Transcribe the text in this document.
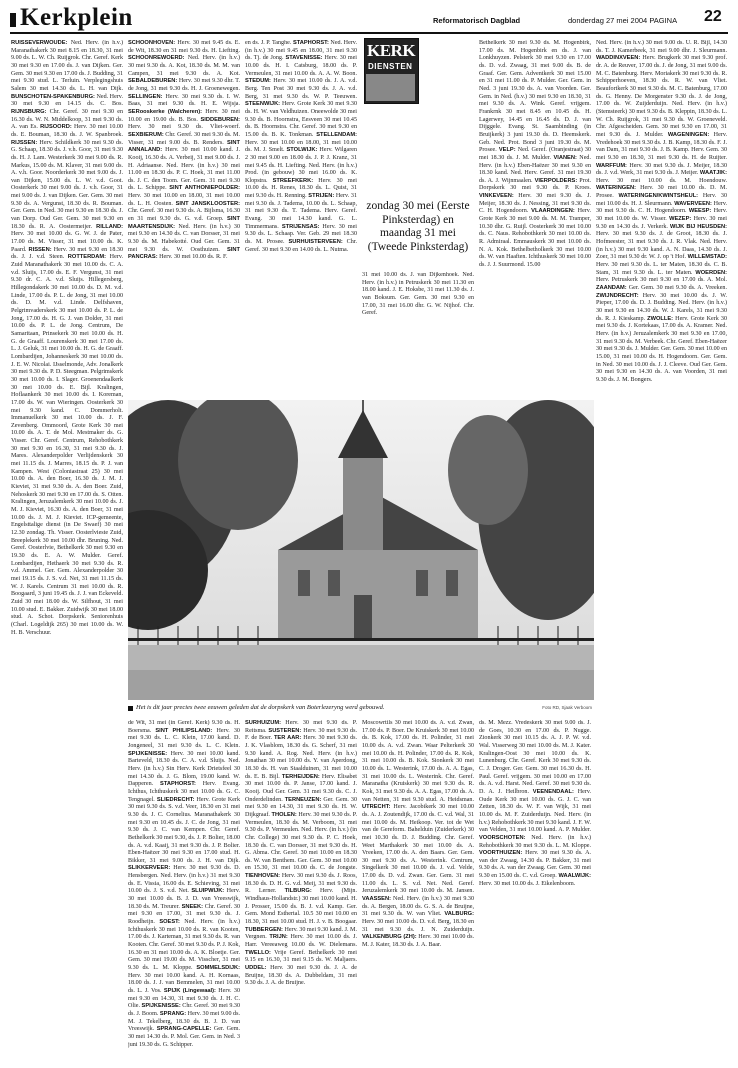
Kerkplein	Reformatorisch Dagblad	donderdag 27 mei 2004 PAGINA 22
RUISSEVERWOUDE: Ned. Herv. (in h.v.) Maranathakerk 30 mei 8.15 en 18.30, 31 mei 9.00 ds. L. W. Ch. Ruijgrok. Chr. Geref. Kerk 30 mei 9.30 en 17.00 ds. J. van Dijken. Ger. Gem. 30 mei 9.30 en 17.00 ds. J. Budding, 31 mei 9.30 stud. L. Terluin. Verplegingshuis Salem 30 mei 14.30 ds. L. H. van Dijk. BUNSCHOTEN-SPAKENBURG: Ned. Herv. 30 mei 9.30 en 14.15 ds. C. Bos. RIJNSBURG: Chr. Geref. 30 mei 9.30 en 16.30 ds. W. N. Middelkoop, 31 mei 9.30 ds. A. van Es. RIJSOORD: Herv. 30 mei 10.00 ds. E. Bouman, 18.30 ds. J. W. Spanbroek. RIJSSEN: Herv. Schildkerk 30 mei 9.30 ds. G. Schaap, 18.30 ds. J. v.h. Goor, 31 mei 9.30 ds. H. J. Lam. Westerkerk 30 mei 9.00 ds. R. Markus, 15.00 ds. M. Klaver, 31 mei 9.00 ds. A. v.h. Goor. Noorderkerk 30 mei 9.00 ds. J. van Dijken, 15.00 ds. L. W. v.d. Goot. Oosterkerk 30 mei 9.00 ds. J. v.h. Goor, 31 mei 9.00 ds. J. van Dijken. Ger. Gem. 30 mei 9.30 ds. A. Vergunst, 18.30 ds. R. Bouman. Ger. Gem. in Ned. 30 mei 9.30 en 18.30 ds. J. van Dorp. Oud Ger. Gem. 30 mei 9.30 en 18.30 ds. R. A. Oostermeijer. RILLAND: Herv. 30 mei 10.00 ds. G. W. J. de Pater, 17.00 ds. M. Visser, 31 mei 10.00 ds. K. Paard. RISSEN: Herv. 30 mei 9.30 en 18.30 ds. J. J. v.d. Steen. ROTTERDAM: Herv. Zuid Maranathakerk 30 mei 10.00 ds. C. A. v.d. Sluijs, 17.00 ds. E. F. Vergunst, 31 mei 9.30 dr. C. A. v.d. Sluijs. Hillegersberg, Hillegondakerk 30 mei 10.00 ds. D. M. v.d. Linde, 17.00 ds. P. L. de Jong, 31 mei 10.00 ds. D. M. v.d. Linde. Delfshaven, Pelgrimvaderskerk 30 mei 10.00 ds. P. L. de Jong, 17.00 ds. H. G. J. van Dolder, 31 mei 10.00 ds. P. L. de Jong. Centrum, De Samaritaan, Prinsekerk 30 mei 10.00 ds. H. G. de Graaff. Lourenskerk 30 mei 17.00 ds. L. J. Geluk, 31 mei 10.00 ds. H. G. de Graaff. Lombardijen, Johanneskerk 30 mei 10.00 ds. J. E. W. Nicolai. IJsselmonde, Adv. Jonalkerk 30 mei 9.30 ds. P. D. Steegman. Pelgrimskerk 30 mei 10.00 ds. I. Slager. Groenendaalkerk 30 mei 10.00 ds. E. Bijl. Kralingen, Hoflaankerk 30 mei 10.00 ds. I. Koreman, 17.00 ds. W. van Wieringen. Oosterkerk 30 mei 9.30 kand. C. Dommerholt. Immanuelkerk 30 mei 10.00 ds. J. F. Zevenberg. Ommoord, Grote Kerk 30 mei 10.00 ds. A. T. de Mol. Mestmaker ds. G. Visser. Chr. Geref. Centrum, Rehobothkerk 30 mei 9.30 en 16.30, 31 mei 9.30 ds. J. Mares. Alexanderpolder Verlijdenskerk 30 mei 11.15 ds. J. Marres, 18.15 ds. P. J. van Kampen. West (Coloniastraat 25) 30 mei 10.00 ds. A. den Boer, 16.30 ds. J. M. J. Kieviet, 31 mei 9.30 ds. A. den Boer. Zuid, Nehoskerk 30 mei 9.30 en 17.00 ds. S. Otten. Kralingen, Jeruzalemkerk 30 mei 10.00 ds. J. M. J. Kieviet, 16.30 ds. A. den Boer, 31 mei 10.00 ds. J. M. J. Kieviet. ICP-gemeente, Engelsttalige dienst (in De Swaef) 30 mei 12.30 zondag. Th. Visser. Oosterlvieste Zuid, Breeplekerk 30 mei 10.00 dhr. Bruning. Ned. Geref. Oosterlvie, Bethelkerk 30 mei 9.30 en 19.30 ds. E. A. W. Mulder. Geref. Lombardijen, Hethaerk 30 mei 9.30 ds. R. v.d. Ammel. Ger. Gem. Alexanderpolder 30 mei 19.15 ds. J. S. v.d. Net, 31 mei 11.15 ds. W. J. Karels. Centrum 31 mei 10.00 ds. R. Boogaard, 3 juni 19.45 ds. J. J. van Eckeveld. Zuid 30 mei 18.00 ds. W. Silfhout, 31 mei 10.00 stud. E. Bakker. Zuidwijk 30 mei 18.00 stud. A. Schot. Dorpskerk. Seniorenhuis (Charl. Logeldijk 265) 30 mei 10.00 ds. W. H. B. Verschuur.
SCHOONHOVEN: Herv. 30 mei 9.45 ds. E. de Wit, 18.30 en 31 mei 9.30 ds. H. Liefting. SCHOONREWOERD: Ned. Herv. (in h.v.) 30 mei 9.30 ds. A. Kot, 18.30 ds. M. M. van Campen, 31 mei 9.30 ds. A. Kot. SEBALDEBUREN: Herv. 30 mei 9.30 dhr. T. de Jong, 31 mei 9.30 ds. H. J. Groenewegen. SELLINGEN: Herv. 30 mei 9.30 ds. I. W. Baas, 31 mei 9.30 ds. H. E. Wijsja. SERooskerke (Walcheren): Herv. 30 mei 10.00 en 19.00 ds. B. Bos. SIDDEBUREN: Herv. 30 mei 9.30 ds. Vliet-woerf. SEXBIERUM: Chr. Geref. 30 mei 9.30 ds. M. Visser, 31 mei 9.00 ds. B. Renders. SINT ANNALAND: Herv. 30 mei 10.00 kand. J. Kooij, 16.30 ds. A. Verbeij, 31 mei 9.00 ds. J. H. Adriaanse. Ned. Herv. (in h.v.) 30 mei 11.00 en 18.30 ds. P. C. Hoek, 31 mei 11.00 ds. J. C. den Toom. Ger. Gem. 31 mei 9.30 ds. L. Schippe. SINT ANTHONIEPOLDER: Herv. 30 mei 10.00 en 18.00, 31 mei 10.00 ds. L. H. Oosten. SINT JANSKLOOSTER: Chr. Geref. 30 mei 9.30 ds. A. Bijlsma, 16.30 en 31 mei 9.30 ds. G. v.d. Groep. SINT MAARTENSDIJK: Ned. Herv. (in h.v.) 30 mei 9.30 en 14.30 ds. C. van Dorsser, 31 mei 9.30 ds. M. Habekotté. Oud Ger. Gem. 31 mei 9.30 ds. W. Oosthuizen. SINT PANCRAS: Herv. 30 mei 10.00 ds. R. F.
en ds. J. P. Tanghe. STAPHORST: Ned. Herv. (in h.v.) 30 mei 9.45 en 18.00, 31 mei 9.30 ds. Tj. de Jong. STAVENISSE: Herv. 30 mei 10.00 ds. H. I. Catsburg, 18.00 ds. P. Vermeulen, 31 mei 10.00 ds. A. A. W. Boon. STEDUM: Herv. 30 mei 10.00 ds. J. A. v.d. Berg. Ten Post 30 mei 9.30 ds. J. A. v.d. Berg, 31 mei 9.30 ds. W. P. Teeuwen. STEENWIJK: Herv. Grote Kerk 30 mei 9.30 ds. H. W. van Veldhuizen. Oneewolde 30 mei 9.30 ds. B. Hoornstra, Eesveen 30 mei 10.45 ds. B. Hoornstra. Chr. Geref. 30 mei 9.30 en 15.00 ds. B. K. Tonkman. STELLENDAM: Herv. 30 mei 10.00 en 18.00, 31 mei 10.00 ds. M. J. Smelt. STOLWIJK: Herv. Wilgaren 2 30 mei 9.00 en 18.00 ds. J. P. J. Kranz, 31 mei 9.45 ds. H. Liefting. Ned. Herv. (in h.v.) Prod. (in gebouw) 30 mei 16.00 ds. K. Klopstra. STREEFKERK: Herv. 30 mei 10.00 ds. H. Renes, 18.30 ds. L. Quist, 31 mei 9.30 ds. H. Renning. STRIJEN: Herv. 31 mei 9.30 ds. J. Tadema, 10.00 ds. L. Schaap, 31 mei 9.30 ds. T. Tadema. Herv. Geref. Evang. 30 mei 14.30 kand. G. L. Timmermans. STRIJENSAS: Herv. 30 mei 9.30 ds. L. Schaap. Ver. Geb. 29 mei 18.30 ds. M. Prosee. SURHUISTERVEEN: Chr. Geref. 30 mei 9.30 en 14.00 ds. L. Nutma.
KERK
DIENSTEN
zondag 30 mei (Eerste Pinksterdag) en maandag 31 mei (Tweede Pinksterdag)
31 mei 10.00 ds. J. van Dijkenhoek. Ned. Herv. (in h.v.) in Petruskerk 30 mei 11.30 en 18.00 kand. J. E. Hoksbe, 31 mei 11.30 ds. J. van Boksum. Ger. Gem. 30 mei 9.30 en 17.00, 31 mei 16.00 dhr. G. W. Nijhof. Chr. Geref.
Bethelkerk 30 mei 9.30 ds. M. Hogenbirk, 17.00 ds. M. Hogenbirk en ds. J. van Lonkhuyzen. Pelsterk 30 mei 9.30 en 17.00 ds. D. v.d. Zwaag, 31 mei 9.00 ds. B. de Graaf. Ger. Gem. Adventkerk 30 mei 15.00 en 31 mei 11.00 ds. P. Mulder. Ger. Gem. in Ned. 3 juni 19.30 ds. A. van Voorden. Ger. Gem. in Ned. (h.v.) 30 mei 9.30 en 18.30, 31 mei 9.30 ds. A. Wink. Geref. vrijgem. Frankrnk 30 mei 8.45 en 10.45 ds. H. Lagerwey, 14.45 en 16.45 ds. D. J. van Dijggele. Evang. St. Saambinding (in Bruijkerk) 3 juni 19.30 ds. D. Heemskerk. Geb. Ned. Prot. Bond 3 juni 19.30 ds. M. Prosee. VELP: Ned. Geref. (Oranjestraat) 30 mei 18.30 ds. J. M. Mulder. VIANEN: Ned. Herv. (in h.v.) Eben-Haëzer 30 mei 9.30 en 18.30 kand. Ned. Herv. Geref. 31 mei 19.30 ds. A. J. Wijnmaalen. VIERPOLDERS: Prot. Dorpskerk 30 mei 9.30 ds. P. Kroes. VINKEVEEN: Herv. 30 mei 9.30 ds. J. Meijer, 18.30 ds. J. Nessing, 31 mei 9.30 ds. C. H. Hogendoorn. VLAARDINGEN: Herv. Grote Kerk 30 mei 9.00 ds. M. M. Tramper, 10.30 dhr. G. Ruijl. Oosterkerk 30 mei 10.00 ds. C. Naus. Rehobothkerk 30 mei 10.00 ds. R. Admiraal. Emmauskerk 30 mei 10.00 ds. N. A. Kok. Bethelbetholkerk 30 mei 10.00 ds. W. van Haaften. Ichthuskerk 30 mei 10.00 ds. J. J. Suurmond. 15.00
Het is dit jaar precies twee eeuwen geleden dat de dorpskerk van Boterlezeryng werd gebouwd.	Foto RD, Sjaak Verboom
de Wit, 31 mei (in Geref. Kerk) 9.30 ds. H. Boersma. SINT PHILIPSLAND: Herv. 30 mei 9.30 ds. L. C. Klein, 17.00 kand. D. Jongeneel, 31 mei 9.30 ds. L. C. Klein. SPIJKENISSE: Herv. 30 mei 10.00 kand. Barteveld, 18.30 ds. C. A. v.d. Sluijs. Ned. Herv. (in h.v.) Sin Herv. Kerk Drietsfeel 30 mei 14.30 ds. J. G. Blom, 19.00 kand. W. Dapperen. STAPHORST: Herv. Evang. Ichthus, Ichthuskerk 30 mei 10.00 ds. G. C. Tengnagel. SLIEDRECHT: Herv. Grote Kerk 30 mei 9.30 ds. S. v.d. Veer, 18.30 en 31 mei 9.30 ds. J. C. Cornelius. Maranathakerk 30 mei 9.30 en 10.45 ds. J. C. de Jong, 31 mei 9.30 ds. J. C. van Kempen. Chr. Geref. Bethelkerk 30 mei 9.30, ds. J. P. Bolier, 18.00 ds. A. v.d. Kaaij, 31 mei 9.30 ds. J. P. Bolier. Eben-Haëzer 30 mei 9.30 en 17.00 stud. H. Bikker, 31 mei 9.00 ds. J. H. van Dijk. SLIKKERVEER: Herv. 30 mei 9.30 ds. D. Hensbergen. Ned. Herv. (in h.v.) 31 mei 9.30 ds. E. Vissia, 16.00 ds. E. Schieving, 31 mei 10.00 ds. J. S. v.d. Net. SLUIPWIJK: Herv. 30 mei 10.00 ds. B. J. D. van Vreeswijk, 18.30 ds. M. Treurer. SNEEK: Chr. Geref. 30 mei 9.30 en 17.00, 31 mei 9.30 ds. J. Roodheijn. SOEST: Ned. Herv. (in h.v.) Ichthuskerk 30 mei 10.00 ds. R. van Kooten, 17.00 ds. J. Karteman, 31 mei 9.30 ds. R. van Kooten. Chr. Geref. 30 mei 9.30 ds. P. J. Kok, 16.30 en 31 mei 10.00 ds. A. K. Bloetje. Ger. Gem. 30 mei 19.00 ds. M. Visscher, 31 mei 9.30 ds. L. M. Kloppe. SOMMELSDIJK: Herv. 30 mei 10.00 kand. A. H. Kornaas, 18.00 ds. J. J. van Bemmelen, 31 mei 10.00 ds. L. J. Vos. SPIJK (Lingewaal): Herv. 30 mei 9.30 en 14.30, 31 mei 9.30 ds. J. H. C. Olie. SPIJKENISSE: Chr. Geref. 30 mei 9.30 ds. J. Boom. SPRANG: Herv. 30 mei 9.00 ds. M. J. Tekelberg, 18.30 ds. B. J. D. van Vreeswijk. SPRANG-CAPELLE: Ger. Gem. 30 mei 14.30 ds. P. Mol. Ger. Gem. in Ned. 3 juni 19.30 ds. G. Schipper.
SURHUIZUM: Herv. 30 mei 9.30 ds. P. Reitsma. SUSTEREN: Herv. 30 mei 9.30 ds. F. de Boer. TER AAR: Herv. 30 mei 9.30 ds. J. K. Vlasblom, 18.30 ds. G. Scherf, 31 mei 9.30 kand. A. Rog. Ned. Herv. (in h.v.) Jonathan 30 mei 10.00 ds. Y. van Aperdong, 18.30 ds. H. van Staalduinen, 31 mei 10.00 ds. E. B. Bijl. TERHEIJDEN: Herv. Elisabet 30 mei 10.00 ds. P. Janse, 17.00 kand. J. Kooij. Oud Ger. Gem. 31 mei 9.30 ds. C. J. Onderdelinden. TERNEUZEN: Ger. Gem. 30 mei 9.30 en 14.30, 31 mei 9.30 ds. H. W. Dijkgraaf. THOLEN: Herv. 30 mei 9.30 ds. P. Vermeulen, 18.30 ds. M. Verboom, 31 mei 9.30 ds. P. Vermeulen. Ned. Herv. (in h.v.) (in Chr. College) 30 mei 9.30 ds. P. C. Hoek, 18.30 ds. C. van Dorsser, 31 mei 9.30 ds. H. G. Abma. Chr. Geref. 30 mei 10.00 en 18.30 ds. W. van Benthem. Ger. Gem. 30 mei 10.00 en 15.30, 31 mei 10.00 ds. C. de Jongste. TIENHOVEN: Herv. 30 mei 9.30 ds. J. Roos, 18.30 ds. D. H. G. v.d. Meij, 31 mei 9.30 ds. R. Lerner. TILBURG: Herv. (Mijn. Windhaus-Hollandstr.) 30 mei 10.00 kand. H. J. Prosser, 15.00 ds. B. J. v.d. Kamp. Ger. Gem. Mond Esthertal. 10.5 30 mei 10.00 en 18.30, 31 mei 10.00 stud. H. J. v. B. Boogaar. TUBBERGEN: Herv. 30 mei 9.30 kand. J. M. Vergnen. TRIJN: Herv. 30 mei 10.00 ds. J. Harr. Vereeaweg 10.00 ds. W. Dielemans. TWELLO: Vrije Geref. Bethelkerk 30 mei 9.15 en 16.30, 31 mei 9.15 ds. W. Maljaers. UDDEL: Herv. 30 mei 9.30 ds. J. A. de Bruijne, 18.30 ds. A. Dubbeldam, 31 mei 9.30 ds. J. A. de Bruijne.
Moscowrtils 30 mei 10.00 ds. A. v.d. Zwan, 17.00 ds. P. Boer. De Kruiskerk 30 mei 10.00 ds. B. Kok, 17.00 ds. H. Polinder, 31 mei 10.00 ds. A. v.d. Zwan. Waar Pelterkerk 30 mei 10.00 ds. H. Polinder, 17.00 ds. R. Kok, 31 mei 10.00 ds. B. Kok. Sionkerk 30 mei 10.00 ds. L. Westerink, 17.00 ds. A. A. Egas, 31 mei 10.00 ds. L. Westerink. Chr. Geref. Maranatha (Kruiskerk) 30 mei 9.30 ds. R. Kok, 31 mei 9.30 ds. A. A. Egas, 17.00 ds. A. van Netten, 31 mei 9.30 stud. A. Heidsman. UTRECHT: Herv. Jacobikerk 30 mei 10.00 ds. A. J. Zoutendijk, 17.00 ds. C. v.d. Wal, 31 mei 10.00 ds. M. Heikoop. Ver. tot de Wet van de Gereform. Bahelduin (Zuiderkerk) 30 mei 10.30 ds. D. J. Budding. Chr. Geref. Weet Marthakerk 30 mei 10.00 ds. A. Vreeken, 17.00 ds. A. den Baars. Ger. Gem. 30 mei 9.30 ds. A. Westerink. Centrum, Singelkerk 30 mei 10.00 ds. J. v.d. Velde, 17.00 ds. D. v.d. Zwan. Ger. Gem. 31 mei 11.00 ds. L. S. v.d. Net. Ned. Geref. Jeruzalemkerk 30 mei 10.00 ds. M. Jansen. VAASSEN: Ned. Herv. (in h.v.) 30 mei 9.30 ds. A. Bergen, 18.00 ds. G. S. A. de Bruijne, 31 mei 9.30 ds. W. van Vliet. VALBURG: Herv. 30 mei 10.00 ds. D. v.d. Berg, 18.30 en 31 mei 9.30 ds. J. N. Zuiderduijn. VALKENBURG (ZH): Herv. 30 mei 10.00 ds. M. J. Kater, 18.30 ds. J. A. Baar.
ds. M. Mezz. Vredeskerk 30 mei 9.00 ds. J. de Goes, 10.30 en 17.00 ds. P. Nugge. Zionkerk 30 mei 10.15 ds. A. J. P. W. v.d. Wal. Visserweg 30 mei 10.00 ds. M. J. Kater. Kralingen-Oost 30 mei 10.00 ds. K. Lunenburg. Chr. Geref. Kerk 30 mei 9.30 ds. C. J. Droger. Ger. Gem. 30 mei 16.30 ds. H. Paul. Geref. vrijgem. 30 mei 10.00 en 17.00 ds. A. v.d. Harst. Ned. Geref. 30 mei 9.30 ds. D. A. J. Heilbron. VEENENDAAL: Herv. Oude Kerk 30 mei 10.00 ds. G. J. C. van Zetten, 18.30 ds. W. F. van Wijk, 31 mei 10.00 ds. M. F. Zuiderduijn. Ned. Herv. (in h.v.) Rehobothkerk 30 mei 9.30 kand. J. F. W. van Velden, 31 mei 10.00 kand. A. P. Mulder. VOORSCHOTEN: Ned. Herv. (in h.v.) Rehobothkerk 30 mei 9.30 ds. L. M. Kloppe. VOORTHUIZEN: Herv. 30 mei 9.30 ds. A. van der Zwaag, 14.30 ds. P. Bakker, 31 mei 9.30 ds. A. van der Zwaag. Ger. Gem. 30 mei 9.30 en 15.00 ds. C. v.d. Groep. WAALWIJK: Herv. 30 mei 10.00 ds. J. Eikelenboom.
Ned. Herv. (in h.v.) 30 mei 9.00 ds. U. R. Bijl, 14.30 ds. T. J. Kamerbeek, 31 mei 9.00 dhr. J. Sleurmann. WADDINXVEEN: Herv. Brugkerk 30 mei 9.30 prof. dr. A. de Reuver, 17.00 ds. J. de Jong, 31 mei 9.00 ds. M. C. Batenburg. Herv. Moriakerk 30 mei 9.30 ds. R. Schipperhoeven, 18.30 ds. R. W. van Vliet. Beaufortkerk 30 mei 9.30 ds. M. C. Batenburg, 17.00 ds. G. Henny. De Morgenster 9.30 ds. J. de Jong, 17.00 ds. W. Zuijderduijn. Ned. Herv. (in h.v.) (Stemsteerk) 30 mei 9.30 ds. B. Kleppin, 18.30 ds. L. W. Ch. Ruijgrok, 31 mei 9.30 ds. W. Groeneveld. Chr. Afgescheiden. Gem. 30 mei 9.30 en 17.00, 31 mei 9.30 ds. J. Mulder. WAGENINGEN: Herv. Vredehoek 30 mei 9.30 ds. J. B. Kamp, 18.30 ds. F. J. van Dam, 31 mei 9.30 ds. J. B. Kamp. Herv. Gem. 30 mei 9.30 en 18.30, 31 mei 9.30 ds. H. de Ruijter. WARFFUM: Herv. 30 mei 9.30 ds. J. Meijer, 18.30 ds. J. v.d. Werk, 31 mei 9.30 ds. J. Meijer. WAATJIK: Herv. 30 mei 10.00 ds. M. Hoendouw. WATERINGEN: Herv. 30 mei 10.00 ds. D. M. Prosee. WATERINGEN/KWINTSHEUL: Herv. 30 mei 10.00 ds. H. J. Sleurmann. WAVERVEEN: Herv. 30 mei 9.30 ds. C. H. Hogendoorn. WEESP: Herv. 30 mei 10.00 ds. W. Visser. WEZEP: Herv. 30 mei 9.30 en 14.30 ds. J. Verkerk. WIJK BIJ HEUSDEN: Herv. 30 mei 9.30 ds. J. de Groot, 18.30 ds. J. Hofmeester, 31 mei 9.30 ds. J. R. Vlak. Ned. Herv. (in h.v.) 30 mei 9.30 kand. A. N. Daas, 14.30 ds. J. Zoer, 31 mei 9.30 dr. W. J. op 't Hof. WILLEMSTAD: Herv. 30 mei 9.30 ds. L. ter Maten, 18.30 ds. C. B. Stam, 31 mei 9.30 ds. L. ter Maten. WOERDEN: Herv. Petruskerk 30 mei 9.30 en 17.00 ds. A. Mol. ZAANDAM: Ger. Gem. 30 mei 9.30 ds. A. Vreeken. ZWIJNDRECHT: Herv. 30 mei 10.00 ds. J. W. Pieper, 17.00 ds. D. J. Budding. Ned. Herv. (in h.v.) 30 mei 9.30 en 14.30 ds. W. J. Karels, 31 mei 9.30 ds. R. J. Kieskamp. ZWOLLE: Herv. Grote Kerk 30 mei 9.30 ds. J. Kortekaas, 17.00 ds. A. Kramer. Ned. Herv. (in h.v.) Jeruzalemkerk 30 mei 9.30 en 17.00, 31 mei 9.30 ds. M. Verbeek. Chr. Geref. Eben-Haëzer 30 mei 9.30 ds. J. Mulder. Ger. Gem. 30 mei 10.00 en 15.00, 31 mei 10.00 ds. H. Hogendoorn. Ger. Gem. in Ned. 30 mei 10.00 ds. J. J. Cleeve. Oud Ger. Gem. 30 mei 9.30 en 14.30 ds. A. van Voorden, 31 mei 9.30 ds. J. M. Bongers.
